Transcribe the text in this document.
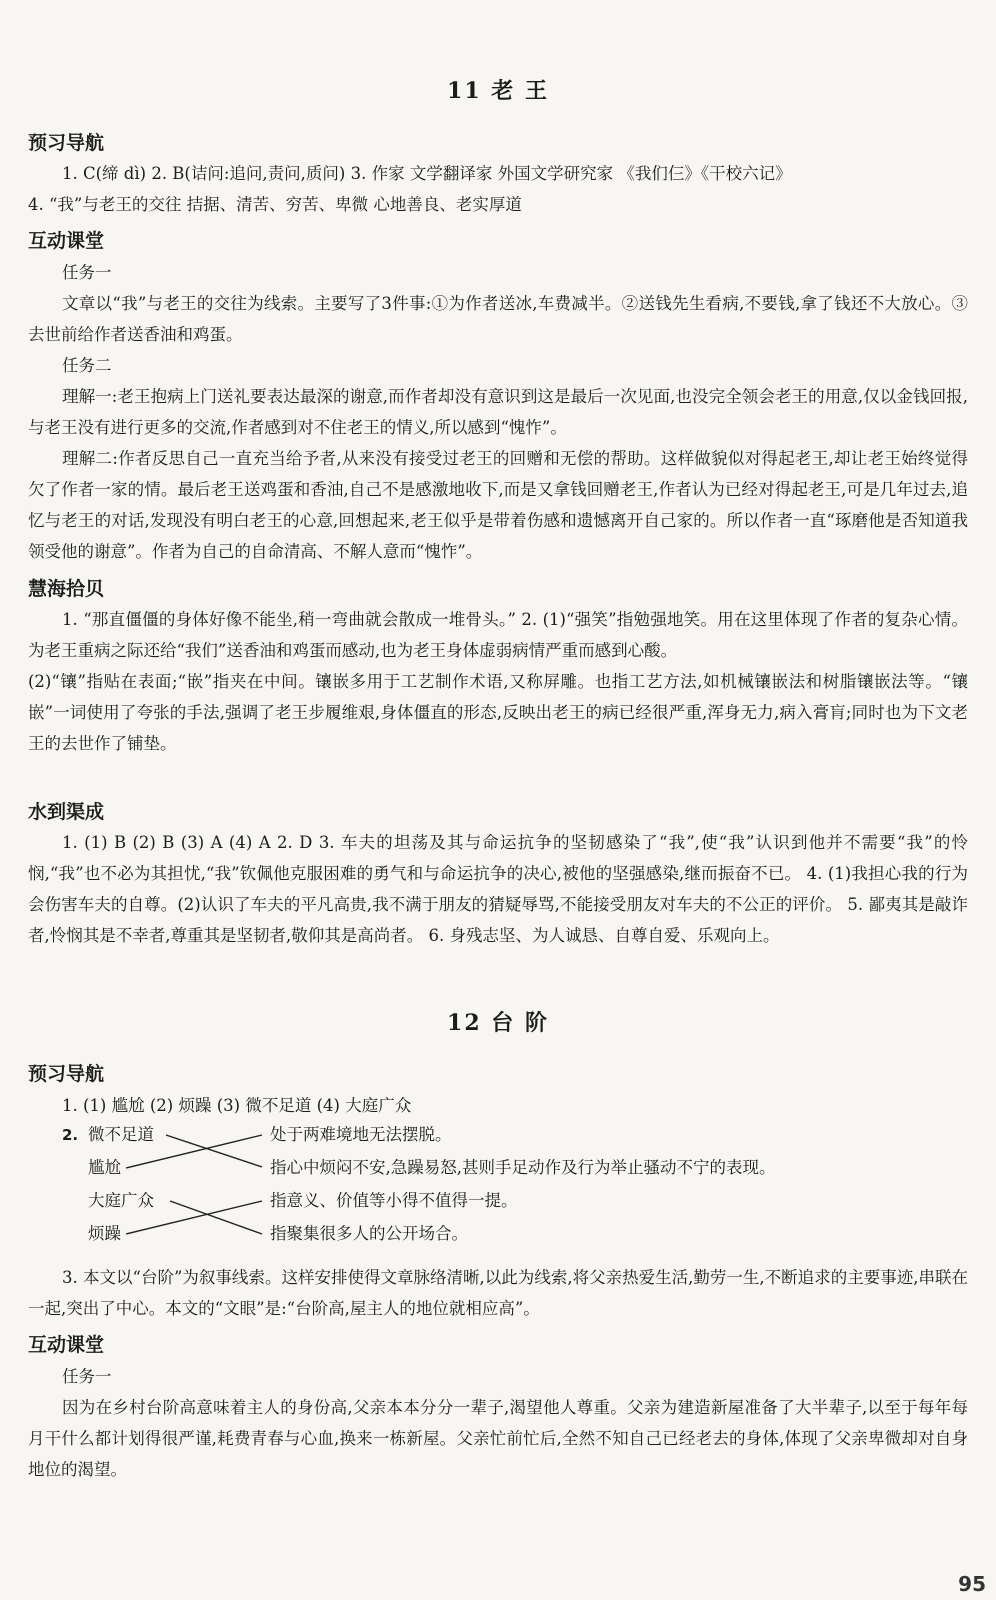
11 老 王
预习导航
1. C(缔 dì) 2. B(诘问:追问,责问,质问) 3. 作家 文学翻译家 外国文学研究家 《我们仨》《干校六记》
4. “我”与老王的交往 拮据、清苦、穷苦、卑微 心地善良、老实厚道
互动课堂
任务一
文章以“我”与老王的交往为线索。主要写了3件事:①为作者送冰,车费减半。②送钱先生看病,不要钱,拿了钱还不大放心。③去世前给作者送香油和鸡蛋。
任务二
理解一:老王抱病上门送礼要表达最深的谢意,而作者却没有意识到这是最后一次见面,也没完全领会老王的用意,仅以金钱回报,与老王没有进行更多的交流,作者感到对不住老王的情义,所以感到“愧怍”。
理解二:作者反思自己一直充当给予者,从来没有接受过老王的回赠和无偿的帮助。这样做貌似对得起老王,却让老王始终觉得欠了作者一家的情。最后老王送鸡蛋和香油,自己不是感激地收下,而是又拿钱回赠老王,作者认为已经对得起老王,可是几年过去,追忆与老王的对话,发现没有明白老王的心意,回想起来,老王似乎是带着伤感和遗憾离开自己家的。所以作者一直“琢磨他是否知道我领受他的谢意”。作者为自己的自命清高、不解人意而“愧怍”。
慧海拾贝
1. “那直僵僵的身体好像不能坐,稍一弯曲就会散成一堆骨头。” 2. (1)“强笑”指勉强地笑。用在这里体现了作者的复杂心情。为老王重病之际还给“我们”送香油和鸡蛋而感动,也为老王身体虚弱病情严重而感到心酸。
(2)“镶”指贴在表面;“嵌”指夹在中间。镶嵌多用于工艺制作术语,又称屏雕。也指工艺方法,如机械镶嵌法和树脂镶嵌法等。“镶嵌”一词使用了夸张的手法,强调了老王步履维艰,身体僵直的形态,反映出老王的病已经很严重,浑身无力,病入膏肓;同时也为下文老王的去世作了铺垫。
水到渠成
1. (1) B (2) B (3) A (4) A 2. D 3. 车夫的坦荡及其与命运抗争的坚韧感染了“我”,使“我”认识到他并不需要“我”的怜悯,“我”也不必为其担忧,“我”钦佩他克服困难的勇气和与命运抗争的决心,被他的坚强感染,继而振奋不已。 4. (1)我担心我的行为会伤害车夫的自尊。(2)认识了车夫的平凡高贵,我不满于朋友的猜疑辱骂,不能接受朋友对车夫的不公正的评价。 5. 鄙夷其是敲诈者,怜悯其是不幸者,尊重其是坚韧者,敬仰其是高尚者。 6. 身残志坚、为人诚恳、自尊自爱、乐观向上。
12 台 阶
预习导航
1. (1) 尴尬 (2) 烦躁 (3) 微不足道 (4) 大庭广众
2. 微不足道
尴尬
大庭广众
烦躁
处于两难境地无法摆脱。
指心中烦闷不安,急躁易怒,甚则手足动作及行为举止骚动不宁的表现。
指意义、价值等小得不值得一提。
指聚集很多人的公开场合。
3. 本文以“台阶”为叙事线索。这样安排使得文章脉络清晰,以此为线索,将父亲热爱生活,勤劳一生,不断追求的主要事迹,串联在一起,突出了中心。本文的“文眼”是:“台阶高,屋主人的地位就相应高”。
互动课堂
任务一
因为在乡村台阶高意味着主人的身份高,父亲本本分分一辈子,渴望他人尊重。父亲为建造新屋准备了大半辈子,以至于每年每月干什么都计划得很严谨,耗费青春与心血,换来一栋新屋。父亲忙前忙后,全然不知自己已经老去的身体,体现了父亲卑微却对自身地位的渴望。
95
